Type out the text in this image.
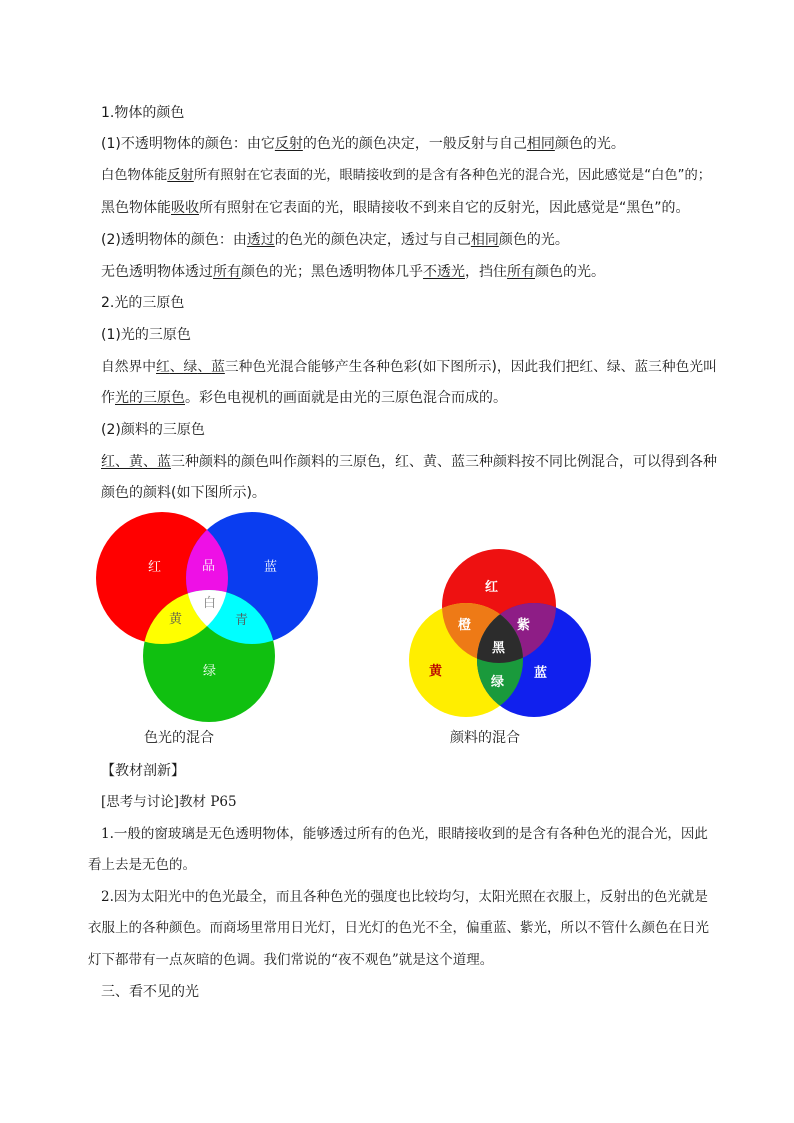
1.物体的颜色
(1)不透明物体的颜色：由它反射的色光的颜色决定，一般反射与自己相同颜色的光。
白色物体能反射所有照射在它表面的光，眼睛接收到的是含有各种色光的混合光，因此感觉是“白色”的；
黑色物体能吸收所有照射在它表面的光，眼睛接收不到来自它的反射光，因此感觉是“黑色”的。
(2)透明物体的颜色：由透过的色光的颜色决定，透过与自己相同颜色的光。
无色透明物体透过所有颜色的光；黑色透明物体几乎不透光，挡住所有颜色的光。
2.光的三原色
(1)光的三原色
自然界中红、绿、蓝三种色光混合能够产生各种色彩(如下图所示)，因此我们把红、绿、蓝三种色光叫
作光的三原色。彩色电视机的画面就是由光的三原色混合而成的。
(2)颜料的三原色
红、黄、蓝三种颜料的颜色叫作颜料的三原色，红、黄、蓝三种颜料按不同比例混合，可以得到各种
颜色的颜料(如下图所示)。
红	蓝
品
白
黄	青
绿
色光的混合
红
橙	紫
黑
黄
绿
蓝
颜料的混合
【教材剖新】
[思考与讨论]教材 P65
1.一般的窗玻璃是无色透明物体，能够透过所有的色光，眼睛接收到的是含有各种色光的混合光，因此
看上去是无色的。
2.因为太阳光中的色光最全，而且各种色光的强度也比较均匀，太阳光照在衣服上，反射出的色光就是
衣服上的各种颜色。而商场里常用日光灯，日光灯的色光不全，偏重蓝、紫光，所以不管什么颜色在日光
灯下都带有一点灰暗的色调。我们常说的“夜不观色”就是这个道理。
三、看不见的光
